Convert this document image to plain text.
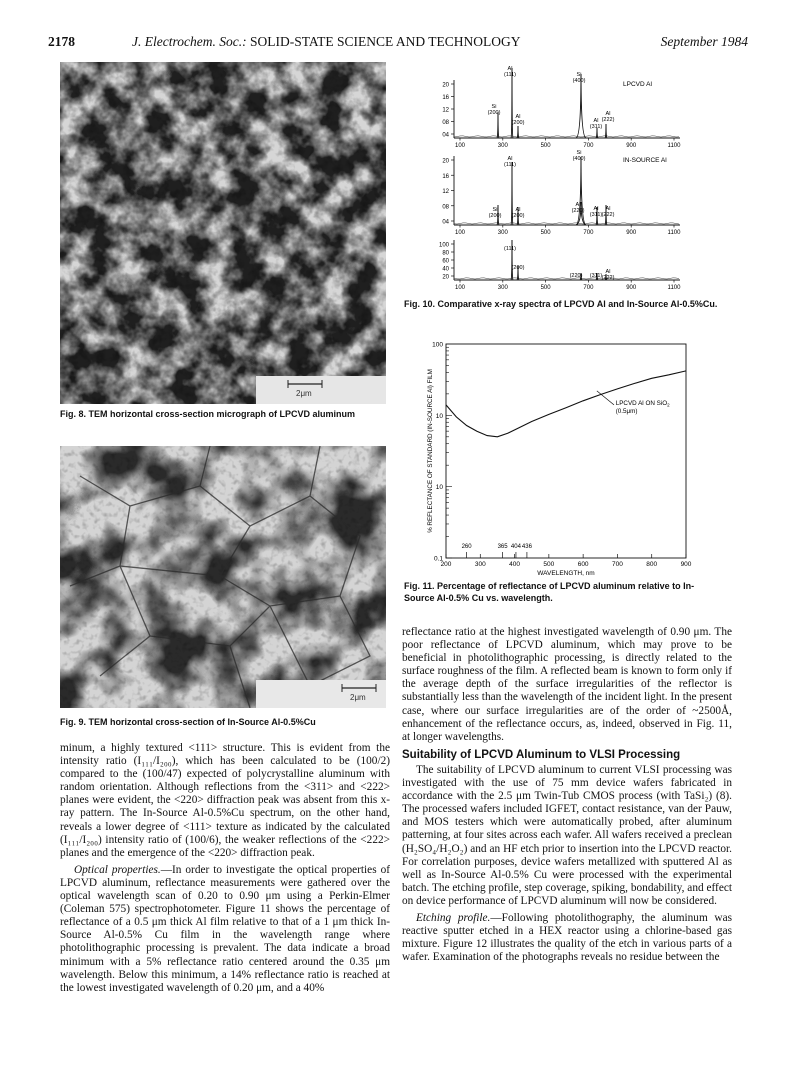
2178	J. Electrochem. Soc.: SOLID-STATE SCIENCE AND TECHNOLOGY	September 1984
2μm
Fig. 8. TEM horizontal cross-section micrograph of LPCVD aluminum
2μm
Fig. 9. TEM horizontal cross-section of In-Source Al-0.5%Cu
20
16
12
08
04
100	300	500	700	900	1100
Al
(111)	Si
(400)
Si
(200)
Al
(200)	Al
(311)
Al
(222)
LPCVD Al
20
16
12
08
04
100	300	500	700	900	1100
Al
(111)
Si
(400)
Si
(200)
Al
(200)
Al
(220) Al
(311)
Al
(222)
IN-SOURCE Al
100
80
60
40
20
100	300	500	700	900	1100
(111)
(200)
(220) (311)
Al
(222)
Fig. 10. Comparative x-ray spectra of LPCVD Al and In-Source Al-0.5%Cu.
100
10
10
0.1
200	300	400	500	600	700	800	900
WAVELENGTH, nm
% REFLECTANCE OF STANDARD (IN-SOURCE Al) FILM	LPCVD Al ON SiO$_2$
(0.5μm)
260	365 404 436
Fig. 11. Percentage of reflectance of LPCVD aluminum relative to In-Source Al-0.5% Cu vs. wavelength.

minum, a highly textured <111> structure. This is evident from the intensity ratio (I₁₁₁/I₂₀₀), which has been calculated to be (100/2) compared to the (100/47) expected of polycrystalline aluminum with random orientation. Although reflections from the <311> and <222> planes were evident, the <220> diffraction peak was absent from this x-ray pattern. The In-Source Al-0.5%Cu spectrum, on the other hand, reveals a lower degree of <111> texture as indicated by the calculated (I₁₁₁/I₂₀₀) intensity ratio of (100/6), the weaker reflections of the <222> planes and the emergence of the <220> diffraction peak.

Optical properties.—In order to investigate the optical properties of LPCVD aluminum, reflectance measurements were gathered over the optical wavelength scan of 0.20 to 0.90 μm using a Perkin-Elmer (Coleman 575) spectrophotometer. Figure 11 shows the percentage of reflectance of a 0.5 μm thick Al film relative to that of a 1 μm thick In-Source Al-0.5% Cu film in the wavelength range where photolithographic processing is prevalent. The data indicate a broad minimum with a 5% reflectance ratio centered around the 0.35 μm wavelength. Below this minimum, a 14% reflectance ratio is reached at the lowest investigated wavelength of 0.20 μm, and a 40%

reflectance ratio at the highest investigated wavelength of 0.90 μm. The poor reflectance of LPCVD aluminum, which may prove to be beneficial in photolithographic processing, is directly related to the surface roughness of the film. A reflected beam is known to form only if the average depth of the surface irregularities of the reflector is substantially less than the wavelength of the incident light. In the present case, where our surface irregularities are of the order of ~2500Å, enhancement of the reflectance occurs, as, indeed, observed in Fig. 11, at longer wavelengths.

Suitability of LPCVD Aluminum to VLSI Processing

The suitability of LPCVD aluminum to current VLSI processing was investigated with the use of 75 mm device wafers fabricated in accordance with the 2.5 μm Twin-Tub CMOS process (with TaSi₂) (8). The processed wafers included IGFET, contact resistance, van der Pauw, and MOS testers which were automatically probed, after aluminum patterning, at four sites across each wafer. All wafers received a preclean (H₂SO₄/H₂O₂) and an HF etch prior to insertion into the LPCVD reactor. For correlation purposes, device wafers metallized with sputtered Al as well as In-Source Al-0.5% Cu were processed with the experimental batch. The etching profile, step coverage, spiking, bondability, and effect on device performance of LPCVD aluminum will now be considered.

Etching profile.—Following photolithography, the aluminum was reactive sputter etched in a HEX reactor using a chlorine-based gas mixture. Figure 12 illustrates the quality of the etch in various parts of a wafer. Examination of the photographs reveals no residue between the
